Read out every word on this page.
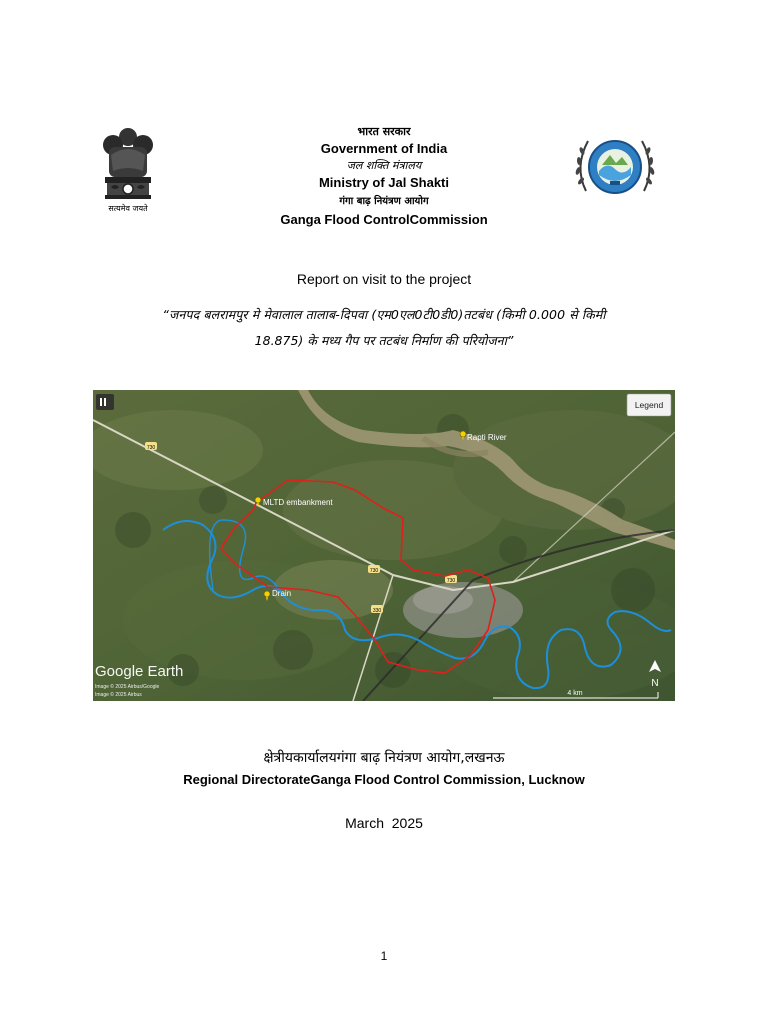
सत्यमेव जयते
भारत सरकार
Government of India
जल शक्ति मंत्रालय
Ministry of Jal Shakti
गंगा बाढ़ नियंत्रण आयोग
Ganga Flood ControlCommission
Report on visit to the project
“जनपद बलरामपुर मे मेवालाल तालाब-दिपवा (एम0एल0टी0डी0)तटबंध (किमी 0.000 से किमी
18.875) के मध्य गैप पर तटबंध निर्माण की परियोजना”
730
730
730
330
Rapti River
MLTD embankment
Drain
Legend
N
Google Earth
Image © 2025 Airbus/Google
Image © 2025 Airbus	4 km
क्षेत्रीयकार्यालयगंगा बाढ़ नियंत्रण आयोग,लखनऊ
Regional DirectorateGanga Flood Control Commission, Lucknow
March  2025
1
